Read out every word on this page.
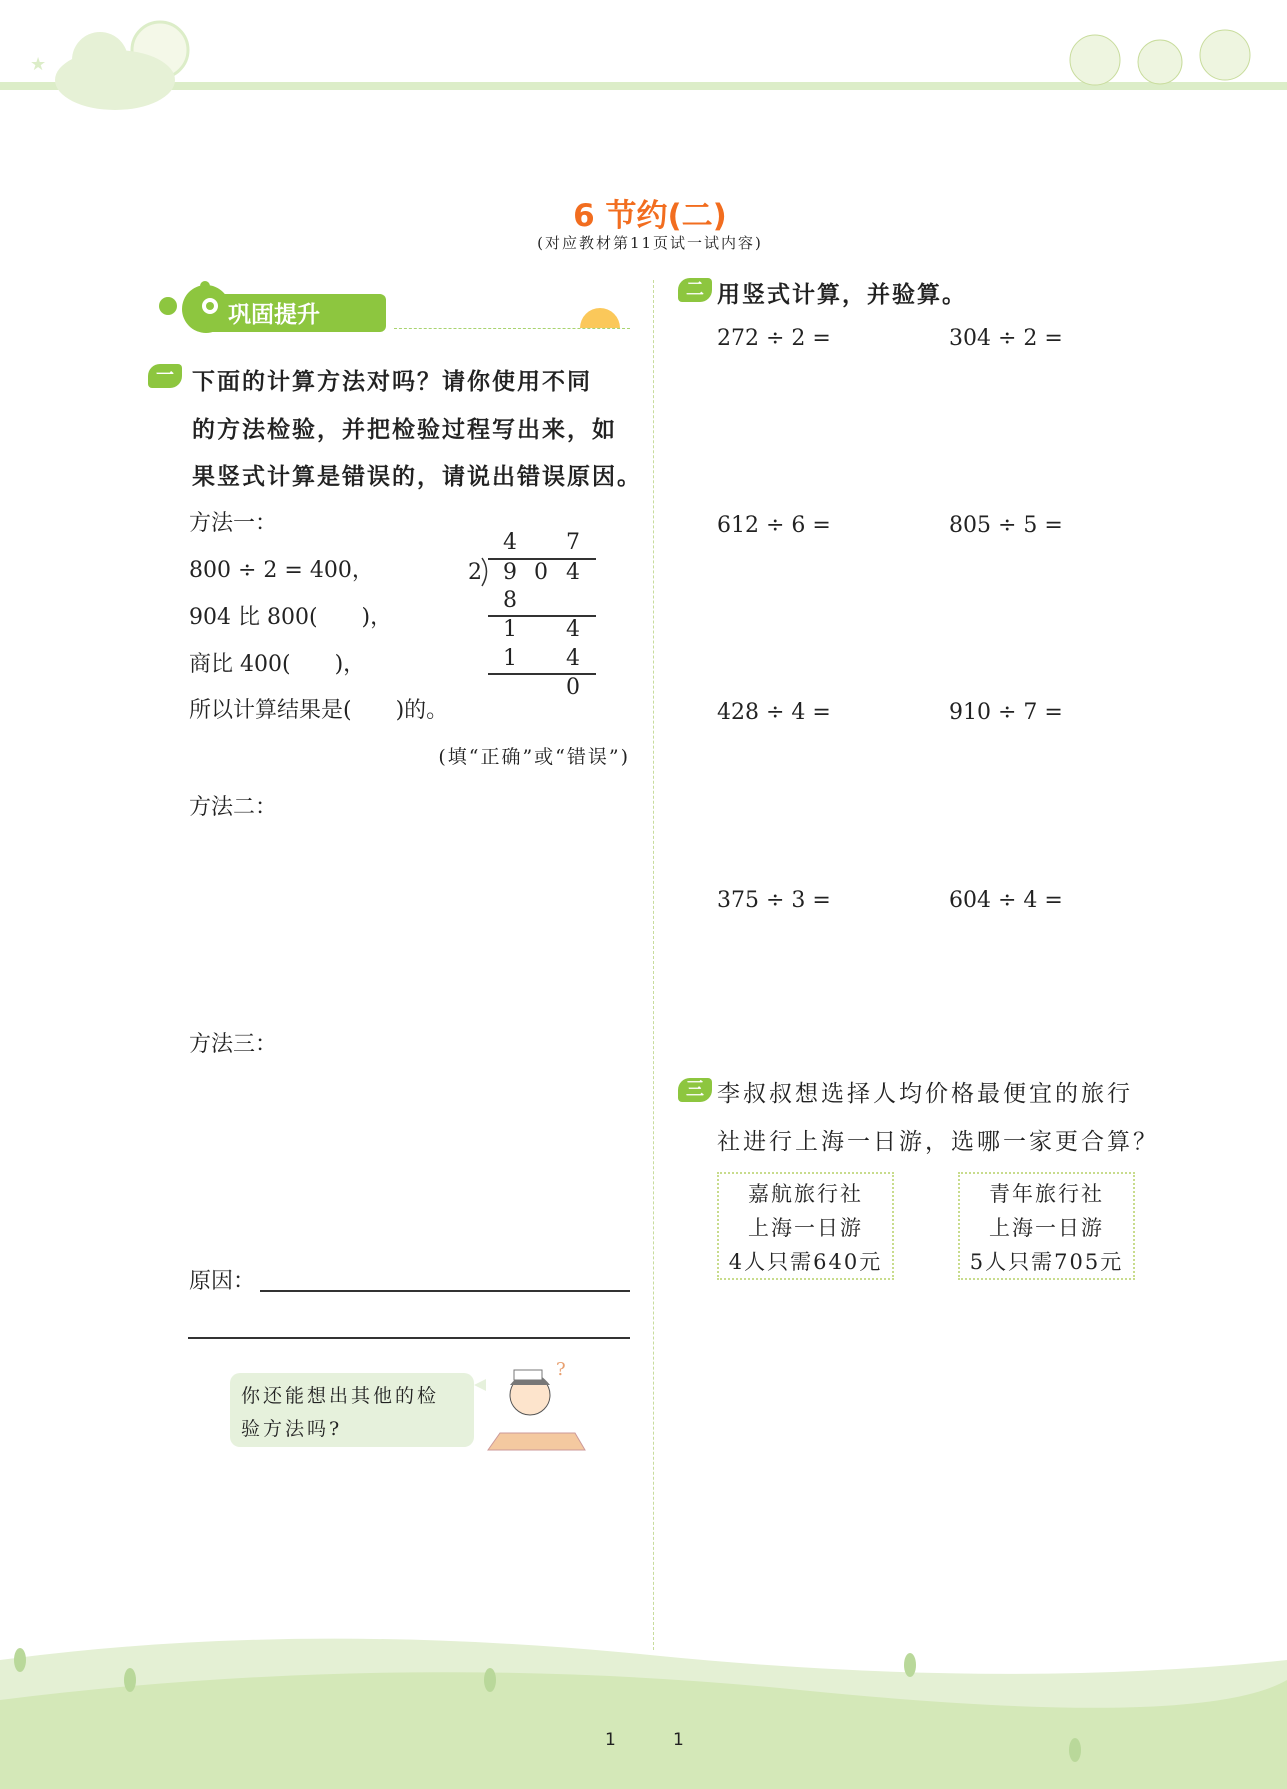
★
6 节约(二)
(对应教材第11页试一试内容)
巩固提升
一 下面的计算方法对吗？请你使用不同
的方法检验，并把检验过程写出来，如
果竖式计算是错误的，请说出错误原因。
方法一：
800 ÷ 2 = 400，
904 比 800(　　)，
商比 400(　　)，
所以计算结果是(　　)的。
(填“正确”或“错误”)
4 7
2 9 0 4
8
1 4
1 4
0
方法二：
方法三：
原因：
你还能想出其他的检
验方法吗?
?
二 用竖式计算，并验算。
272 ÷ 2 =	304 ÷ 2 =
612 ÷ 6 =	805 ÷ 5 =
428 ÷ 4 =	910 ÷ 7 =
375 ÷ 3 =	604 ÷ 4 =
三 李叔叔想选择人均价格最便宜的旅行
社进行上海一日游，选哪一家更合算？
嘉航旅行社
上海一日游
4人只需640元
青年旅行社
上海一日游
5人只需705元
1	1
